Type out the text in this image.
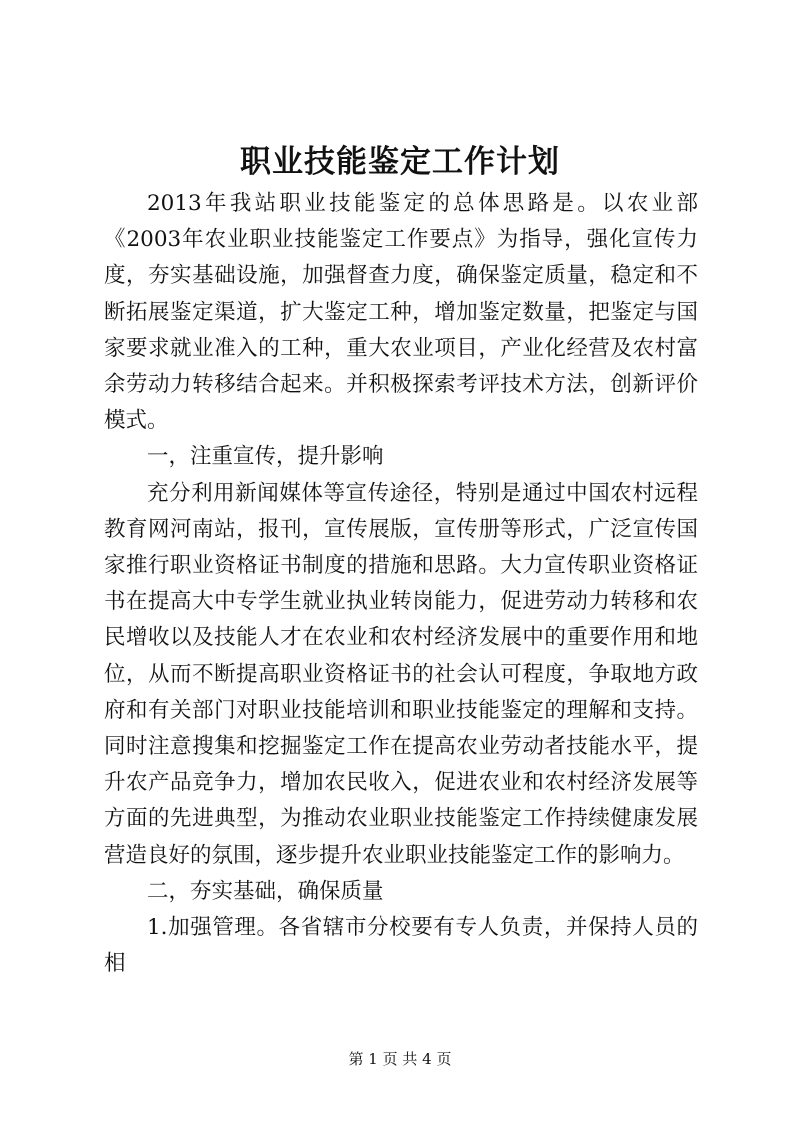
职业技能鉴定工作计划

2013年我站职业技能鉴定的总体思路是。以农业部《2003年农业职业技能鉴定工作要点》为指导，强化宣传力度，夯实基础设施，加强督查力度，确保鉴定质量，稳定和不断拓展鉴定渠道，扩大鉴定工种，增加鉴定数量，把鉴定与国家要求就业准入的工种，重大农业项目，产业化经营及农村富余劳动力转移结合起来。并积极探索考评技术方法，创新评价模式。

一，注重宣传，提升影响

充分利用新闻媒体等宣传途径，特别是通过中国农村远程教育网河南站，报刊，宣传展版，宣传册等形式，广泛宣传国家推行职业资格证书制度的措施和思路。大力宣传职业资格证书在提高大中专学生就业执业转岗能力，促进劳动力转移和农民增收以及技能人才在农业和农村经济发展中的重要作用和地位，从而不断提高职业资格证书的社会认可程度，争取地方政府和有关部门对职业技能培训和职业技能鉴定的理解和支持。同时注意搜集和挖掘鉴定工作在提高农业劳动者技能水平，提升农产品竞争力，增加农民收入，促进农业和农村经济发展等方面的先进典型，为推动农业职业技能鉴定工作持续健康发展营造良好的氛围，逐步提升农业职业技能鉴定工作的影响力。

二，夯实基础，确保质量

1.加强管理。各省辖市分校要有专人负责，并保持人员的相

第 1 页 共 4 页
